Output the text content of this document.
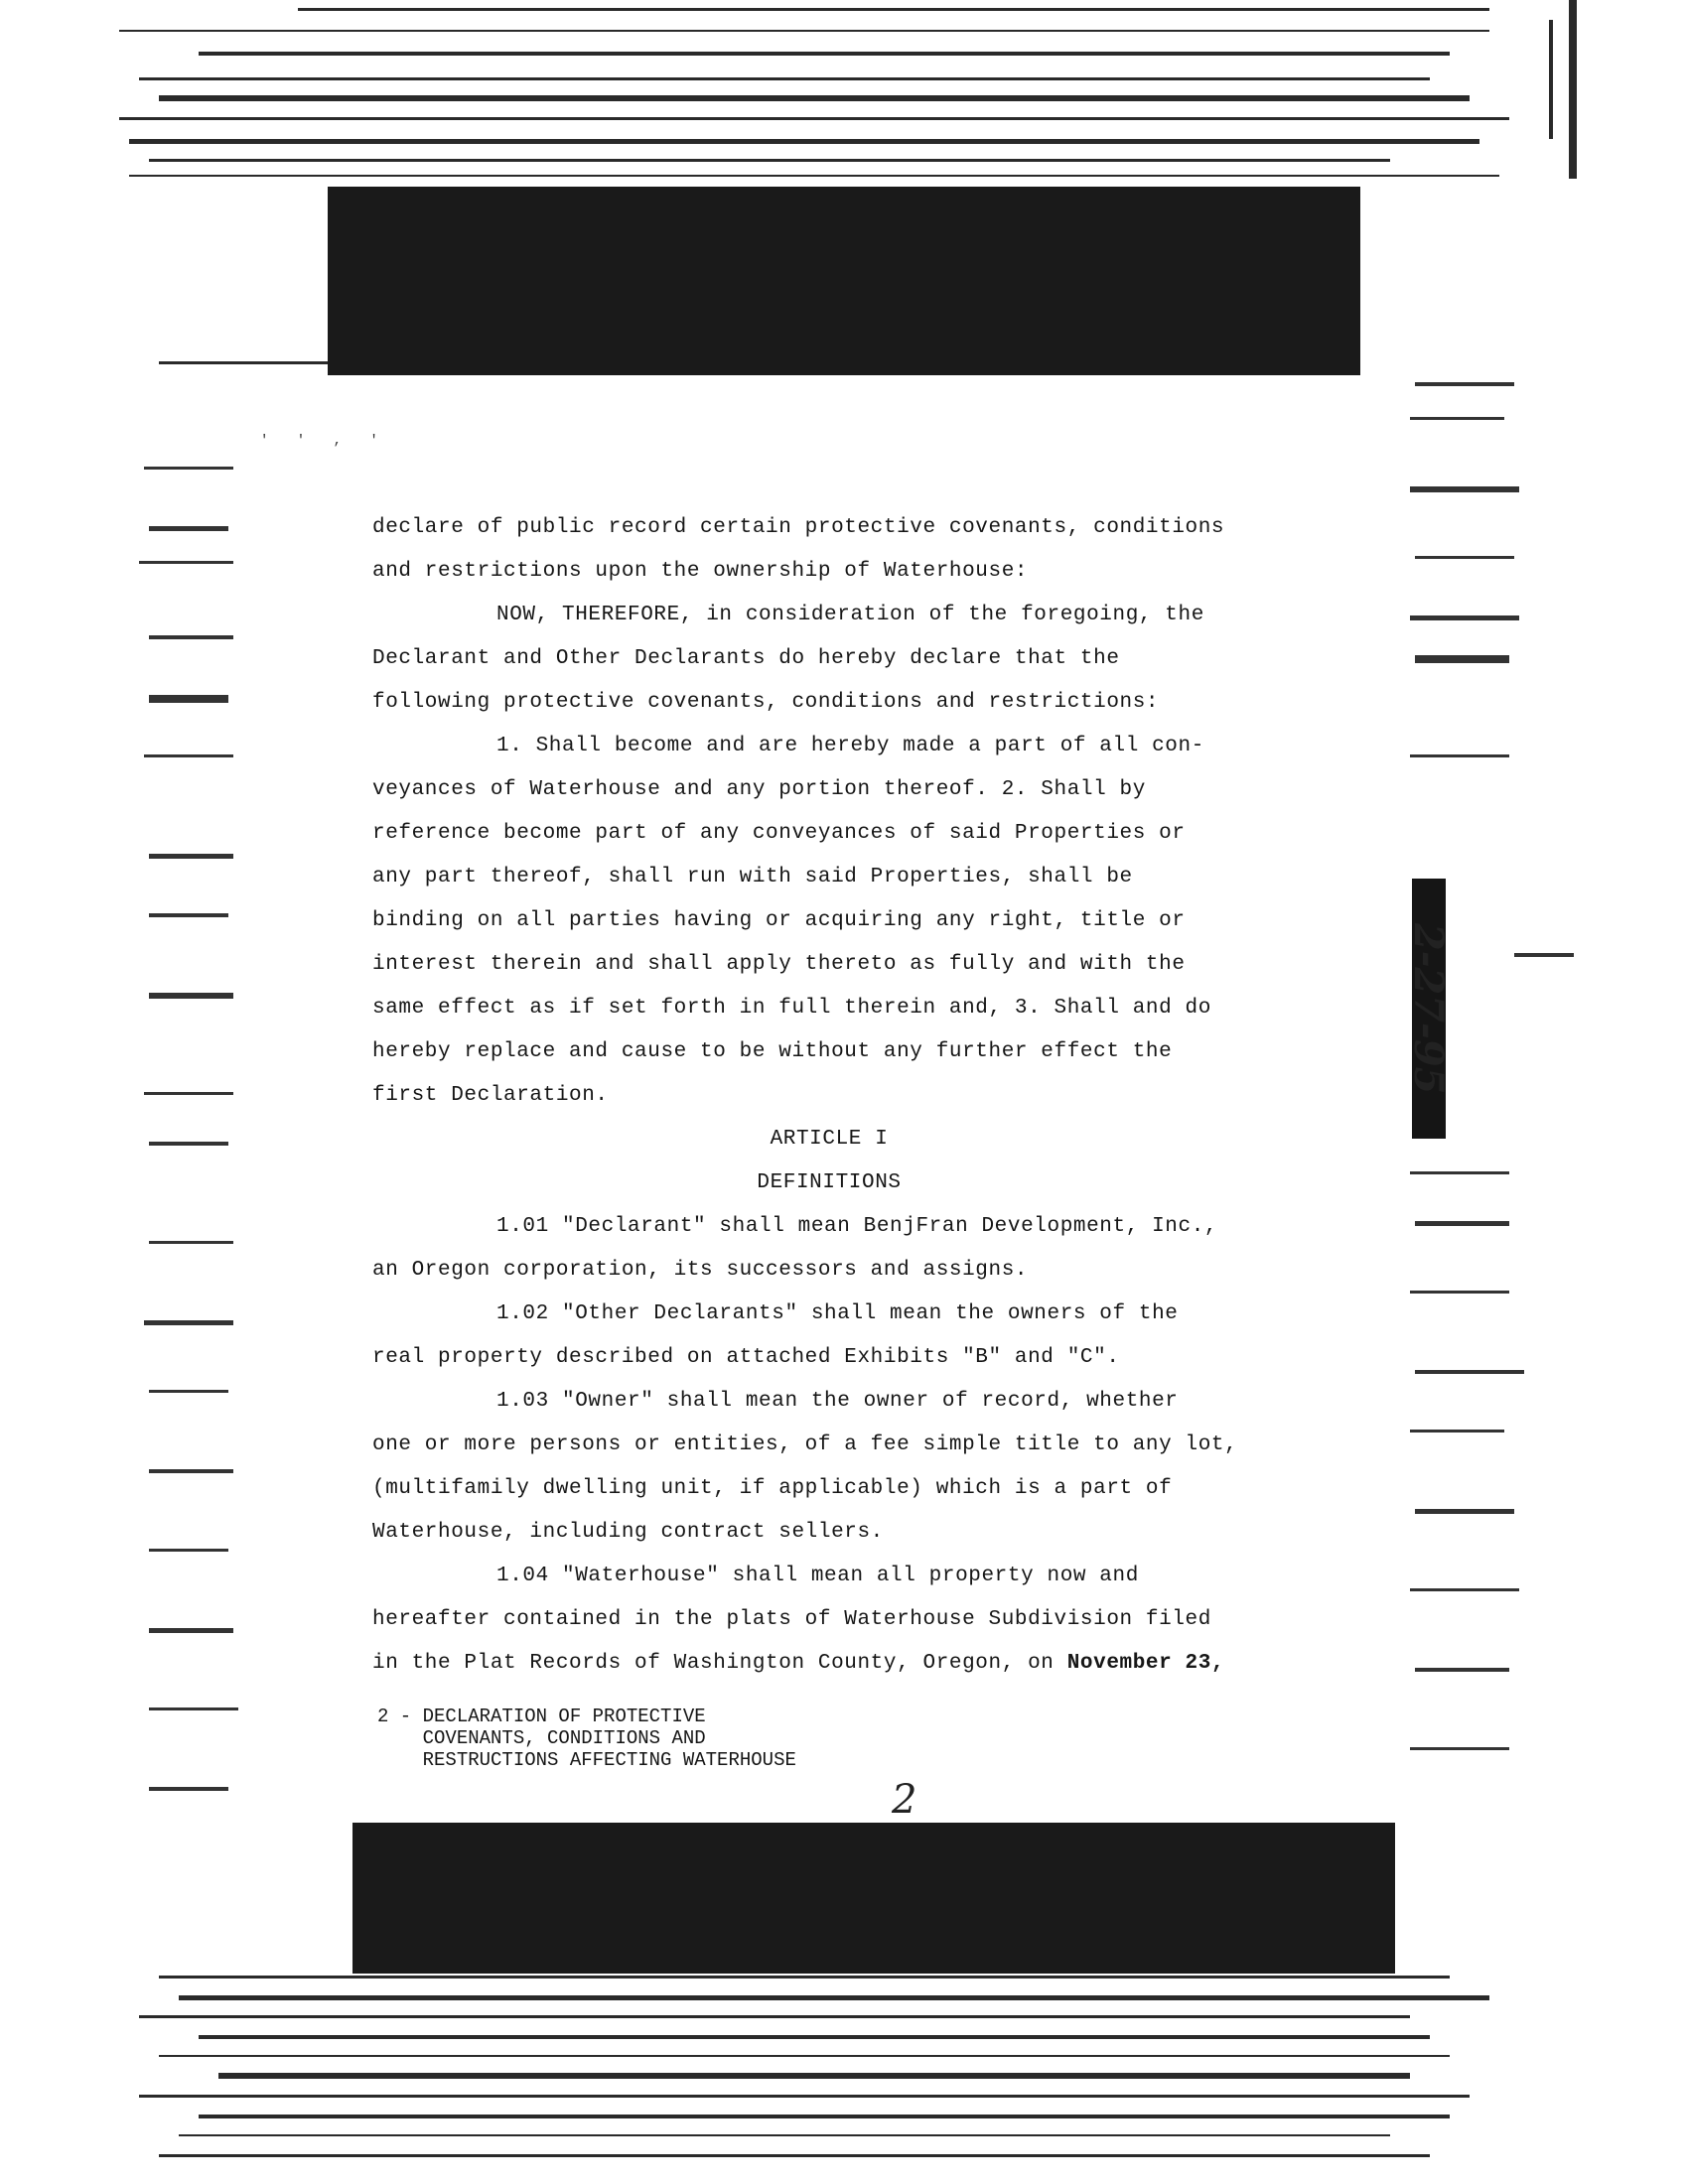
' ' , '
declare of public record certain protective covenants, conditions
and restrictions upon the ownership of Waterhouse:
NOW, THEREFORE, in consideration of the foregoing, the
Declarant and Other Declarants do hereby declare that the
following protective covenants, conditions and restrictions:
1. Shall become and are hereby made a part of all con-
veyances of Waterhouse and any portion thereof. 2. Shall by
reference become part of any conveyances of said Properties or
any part thereof, shall run with said Properties, shall be
binding on all parties having or acquiring any right, title or
interest therein and shall apply thereto as fully and with the
same effect as if set forth in full therein and, 3. Shall and do
hereby replace and cause to be without any further effect the
first Declaration.
ARTICLE I
DEFINITIONS
1.01 "Declarant" shall mean BenjFran Development, Inc.,
an Oregon corporation, its successors and assigns.
1.02 "Other Declarants" shall mean the owners of the
real property described on attached Exhibits "B" and "C".
1.03 "Owner" shall mean the owner of record, whether
one or more persons or entities, of a fee simple title to any lot,
(multifamily dwelling unit, if applicable) which is a part of
Waterhouse, including contract sellers.
1.04 "Waterhouse" shall mean all property now and
hereafter contained in the plats of Waterhouse Subdivision filed
in the Plat Records of Washington County, Oregon, on November 23,
2 - DECLARATION OF PROTECTIVE
COVENANTS, CONDITIONS AND
RESTRUCTIONS AFFECTING WATERHOUSE
2-27-95
2
